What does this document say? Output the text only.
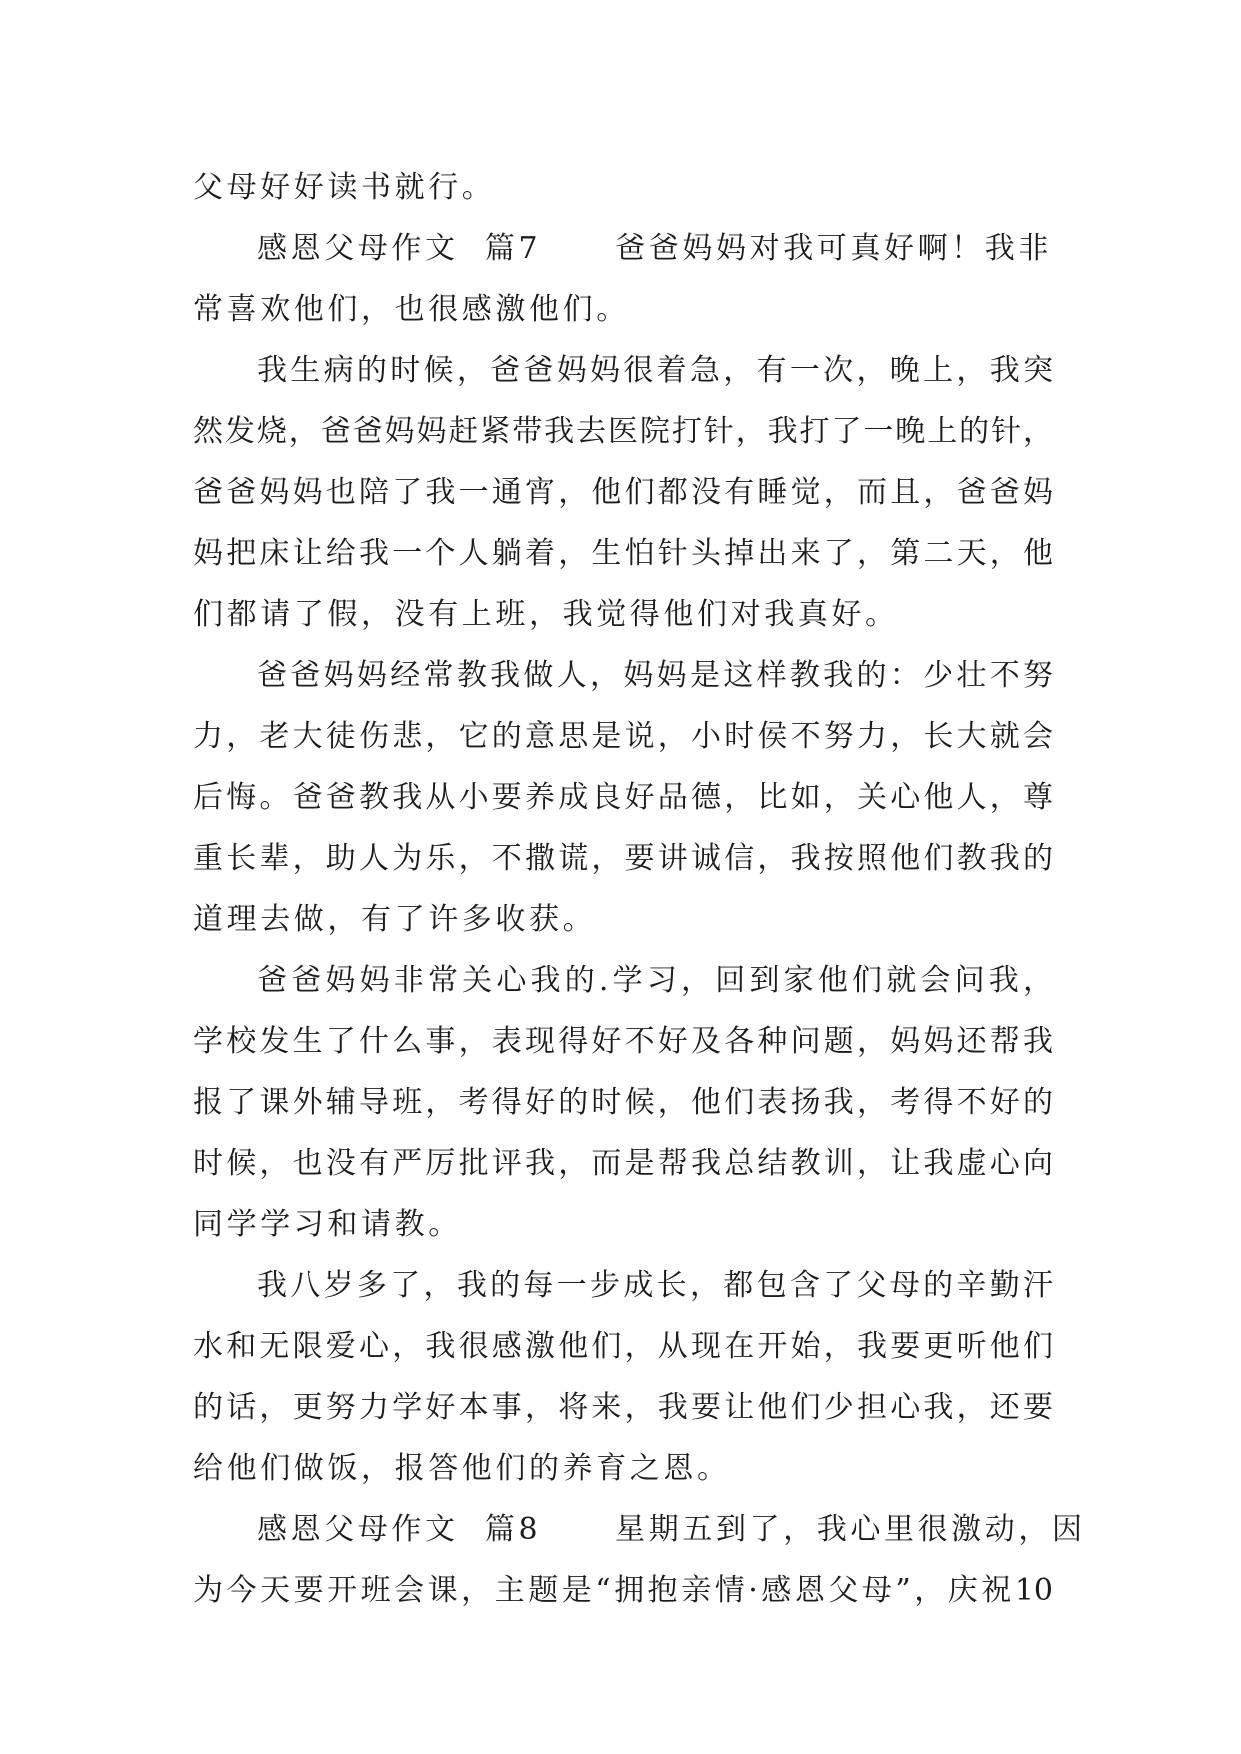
父母好好读书就行。
感恩父母作文  篇7 爸爸妈妈对我可真好啊！我非
常喜欢他们，也很感激他们。
我生病的时候，爸爸妈妈很着急，有一次，晚上，我突
然发烧，爸爸妈妈赶紧带我去医院打针，我打了一晚上的针，
爸爸妈妈也陪了我一通宵，他们都没有睡觉，而且，爸爸妈
妈把床让给我一个人躺着，生怕针头掉出来了，第二天，他
们都请了假，没有上班，我觉得他们对我真好。
爸爸妈妈经常教我做人，妈妈是这样教我的：少壮不努
力，老大徒伤悲，它的意思是说，小时侯不努力，长大就会
后悔。爸爸教我从小要养成良好品德，比如，关心他人，尊
重长辈，助人为乐，不撒谎，要讲诚信，我按照他们教我的
道理去做，有了许多收获。
爸爸妈妈非常关心我的.学习，回到家他们就会问我，
学校发生了什么事，表现得好不好及各种问题，妈妈还帮我
报了课外辅导班，考得好的时候，他们表扬我，考得不好的
时候，也没有严厉批评我，而是帮我总结教训，让我虚心向
同学学习和请教。
我八岁多了，我的每一步成长，都包含了父母的辛勤汗
水和无限爱心，我很感激他们，从现在开始，我要更听他们
的话，更努力学好本事，将来，我要让他们少担心我，还要
给他们做饭，报答他们的养育之恩。
感恩父母作文  篇8 星期五到了，我心里很激动，因
为今天要开班会课，主题是“拥抱亲情·感恩父母”，庆祝10
